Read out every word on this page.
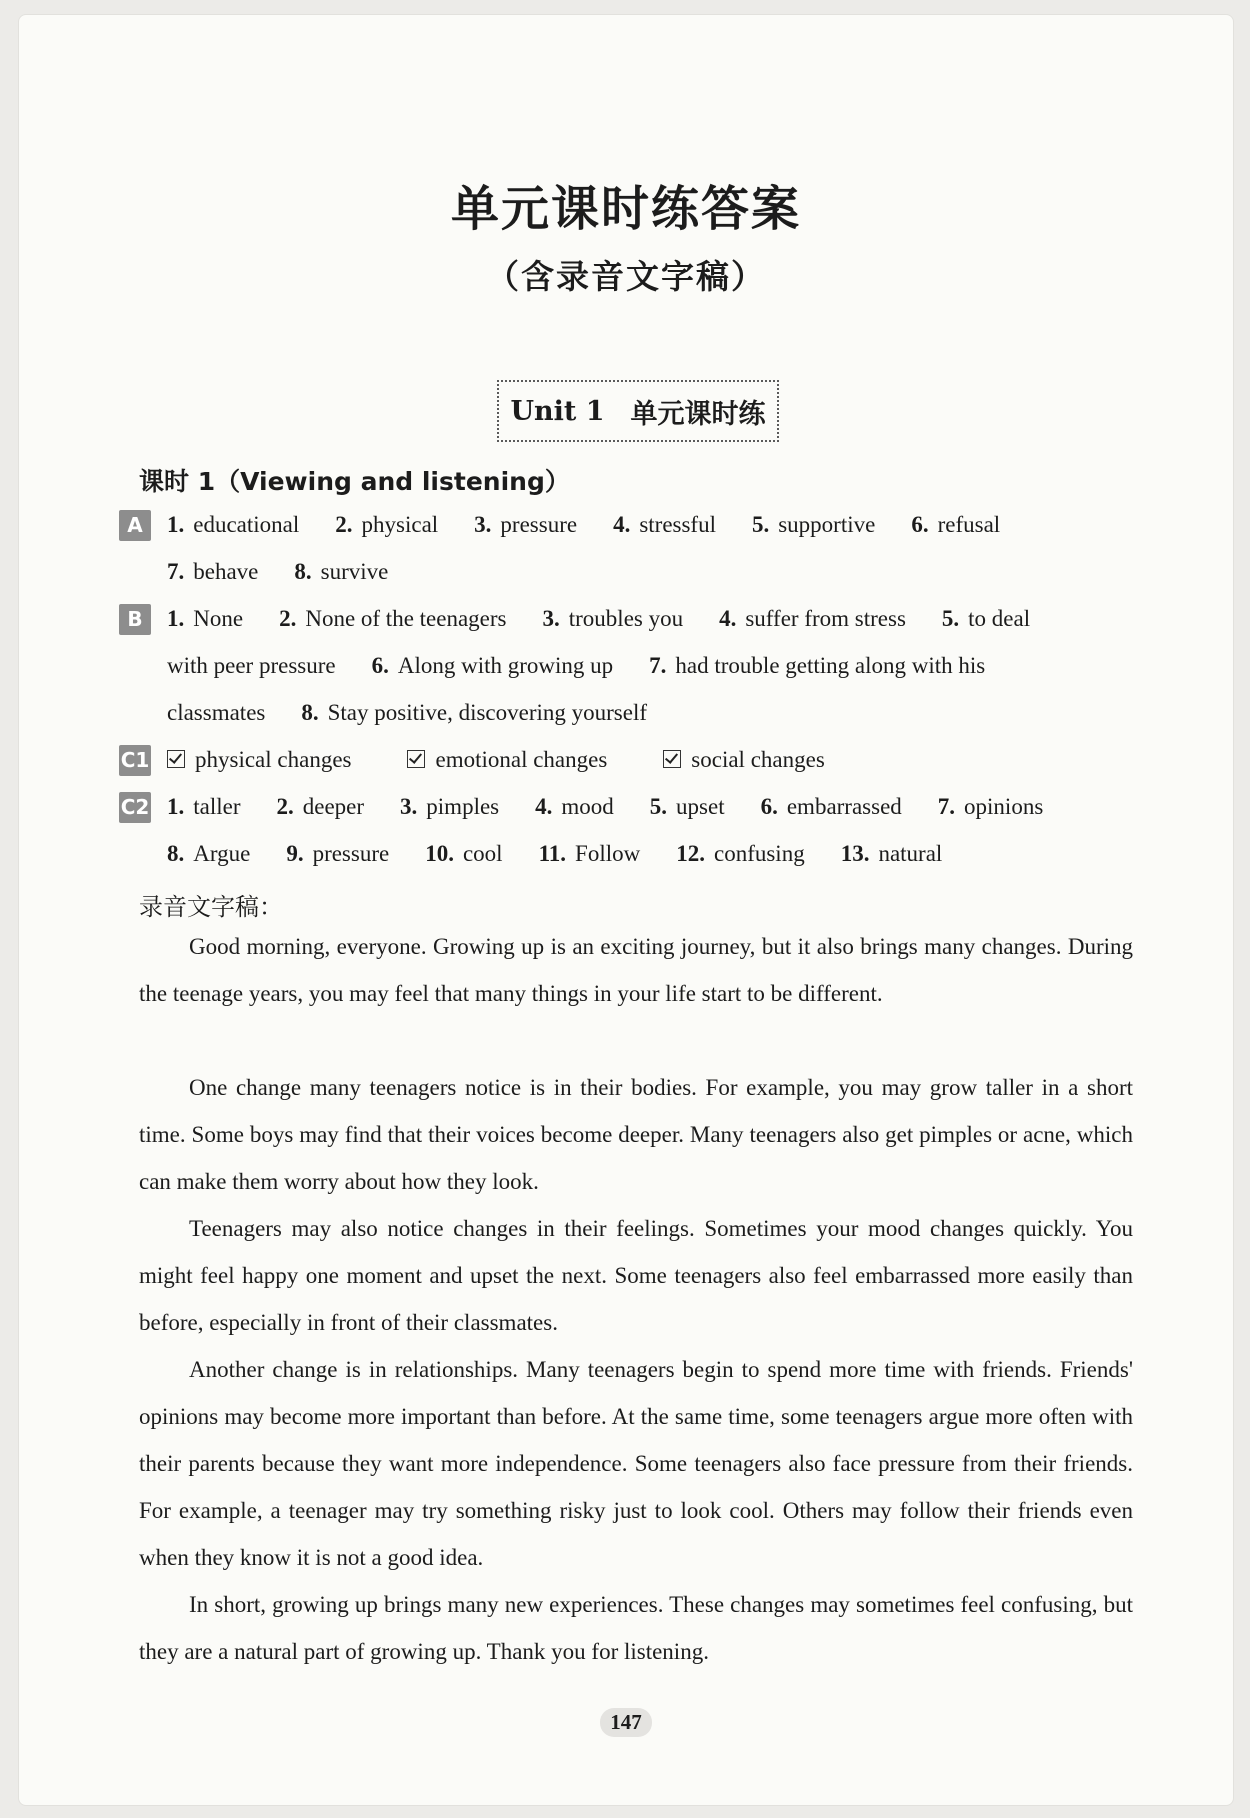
单元课时练答案
（含录音文字稿）
Unit 1 单元课时练
课时 1（Viewing and listening）
A	1. educational 2. physical 3. pressure 4. stressful 5. supportive 6. refusal
7. behave 8. survive
B	1. None 2. None of the teenagers 3. troubles you 4. suffer from stress 5. to deal
with peer pressure 6. Along with growing up 7. had trouble getting along with his
classmates 8. Stay positive, discovering yourself
C1	physical changes	emotional changes	social changes
C2 1. taller 2. deeper 3. pimples 4. mood 5. upset 6. embarrassed 7. opinions
8. Argue 9. pressure 10. cool 11. Follow 12. confusing 13. natural
录音文字稿：
Good morning, everyone. Growing up is an exciting journey, but it also brings many changes. During the teenage years, you may feel that many things in your life start to be different.
One change many teenagers notice is in their bodies. For example, you may grow taller in a short time. Some boys may find that their voices become deeper. Many teenagers also get pimples or acne, which can make them worry about how they look.
Teenagers may also notice changes in their feelings. Sometimes your mood changes quickly. You might feel happy one moment and upset the next. Some teenagers also feel embarrassed more easily than before, especially in front of their classmates.
Another change is in relationships. Many teenagers begin to spend more time with friends. Friends' opinions may become more important than before. At the same time, some teenagers argue more often with their parents because they want more independence. Some teenagers also face pressure from their friends. For example, a teenager may try something risky just to look cool. Others may follow their friends even when they know it is not a good idea.
In short, growing up brings many new experiences. These changes may sometimes feel confusing, but they are a natural part of growing up. Thank you for listening.
147
